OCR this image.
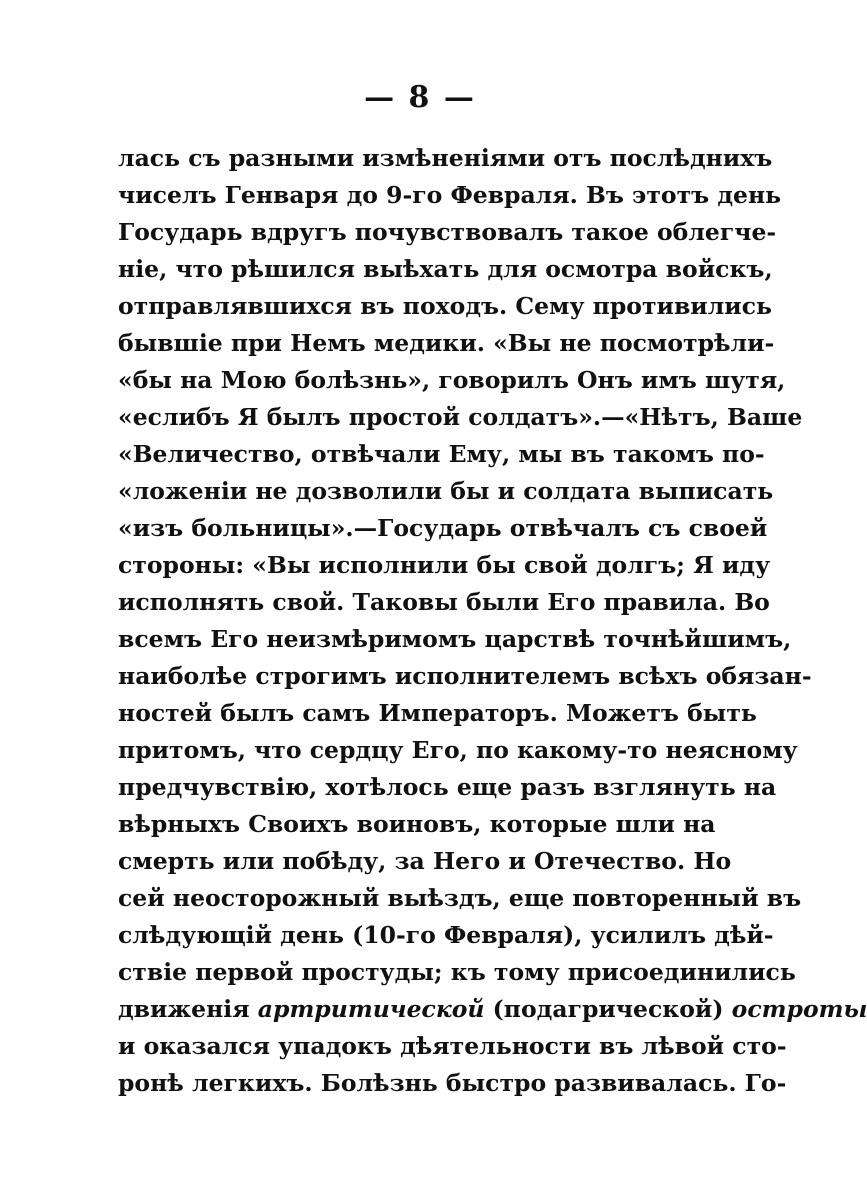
— 8 —
лась съ разными измѣненіями отъ послѣднихъ
чиселъ Генваря до 9-го Февраля. Въ этотъ день
Государь вдругъ почувствовалъ такое облегче-
ніе, что рѣшился выѣхать для осмотра войскъ,
отправлявшихся въ походъ. Сему противились
бывшіе при Немъ медики. «Вы не посмотрѣли-
«бы на Мою болѣзнь», говорилъ Онъ имъ шутя,
«еслибъ Я былъ простой солдатъ».—«Нѣтъ, Ваше
«Величество, отвѣчали Ему, мы въ такомъ по-
«ложеніи не дозволили бы и солдата выписать
«изъ больницы».—Государь отвѣчалъ съ своей
стороны: «Вы исполнили бы свой долгъ; Я иду
исполнять свой. Таковы были Его правила. Во
всемъ Его неизмѣримомъ царствѣ точнѣйшимъ,
наиболѣе строгимъ исполнителемъ всѣхъ обязан-
ностей былъ самъ Императоръ. Можетъ быть
притомъ, что сердцу Его, по какому-то неясному
предчувствію, хотѣлось еще разъ взглянуть на
вѣрныхъ Своихъ воиновъ, которые шли на
смерть или побѣду, за Него и Отечество. Но
сей неосторожный выѣздъ, еще повторенный въ
слѣдующій день (10-го Февраля), усилилъ дѣй-
ствіе первой простуды; къ тому присоединились
движенія артритической (подагрической) остроты
и оказался упадокъ дѣятельности въ лѣвой сто-
ронѣ легкихъ. Болѣзнь быстро развивалась. Го-
